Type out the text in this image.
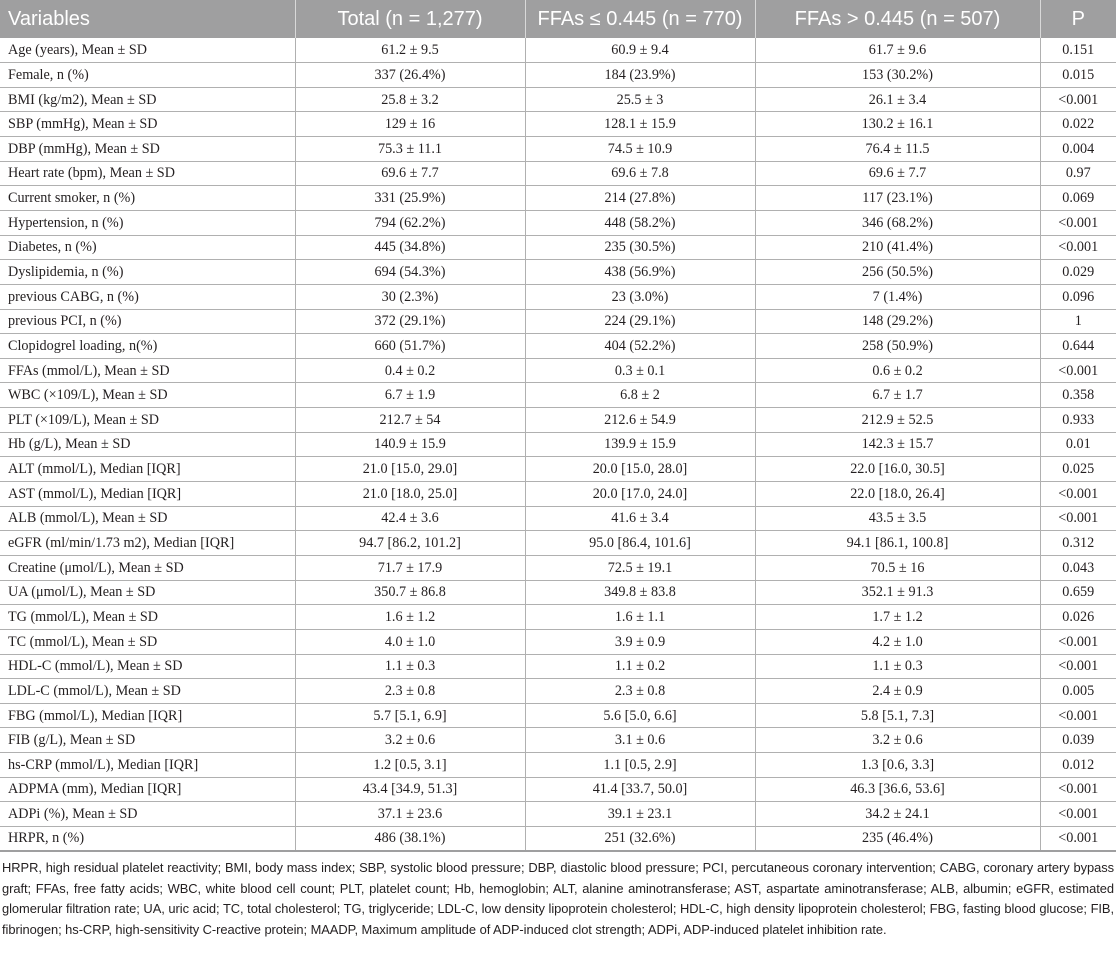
Variables	Total (n = 1,277)	FFAs ≤ 0.445 (n = 770)	FFAs > 0.445 (n = 507)	P
Age (years), Mean ± SD	61.2 ± 9.5	60.9 ± 9.4	61.7 ± 9.6	0.151
Female, n (%)	337 (26.4%)	184 (23.9%)	153 (30.2%)	0.015
BMI (kg/m2), Mean ± SD	25.8 ± 3.2	25.5 ± 3	26.1 ± 3.4	<0.001
SBP (mmHg), Mean ± SD	129 ± 16	128.1 ± 15.9	130.2 ± 16.1	0.022
DBP (mmHg), Mean ± SD	75.3 ± 11.1	74.5 ± 10.9	76.4 ± 11.5	0.004
Heart rate (bpm), Mean ± SD	69.6 ± 7.7	69.6 ± 7.8	69.6 ± 7.7	0.97
Current smoker, n (%)	331 (25.9%)	214 (27.8%)	117 (23.1%)	0.069
Hypertension, n (%)	794 (62.2%)	448 (58.2%)	346 (68.2%)	<0.001
Diabetes, n (%)	445 (34.8%)	235 (30.5%)	210 (41.4%)	<0.001
Dyslipidemia, n (%)	694 (54.3%)	438 (56.9%)	256 (50.5%)	0.029
previous CABG, n (%)	30 (2.3%)	23 (3.0%)	7 (1.4%)	0.096
previous PCI, n (%)	372 (29.1%)	224 (29.1%)	148 (29.2%)	1
Clopidogrel loading, n(%)	660 (51.7%)	404 (52.2%)	258 (50.9%)	0.644
FFAs (mmol/L), Mean ± SD	0.4 ± 0.2	0.3 ± 0.1	0.6 ± 0.2	<0.001
WBC (×109/L), Mean ± SD	6.7 ± 1.9	6.8 ± 2	6.7 ± 1.7	0.358
PLT (×109/L), Mean ± SD	212.7 ± 54	212.6 ± 54.9	212.9 ± 52.5	0.933
Hb (g/L), Mean ± SD	140.9 ± 15.9	139.9 ± 15.9	142.3 ± 15.7	0.01
ALT (mmol/L), Median [IQR]	21.0 [15.0, 29.0]	20.0 [15.0, 28.0]	22.0 [16.0, 30.5]	0.025
AST (mmol/L), Median [IQR]	21.0 [18.0, 25.0]	20.0 [17.0, 24.0]	22.0 [18.0, 26.4]	<0.001
ALB (mmol/L), Mean ± SD	42.4 ± 3.6	41.6 ± 3.4	43.5 ± 3.5	<0.001
eGFR (ml/min/1.73 m2), Median [IQR]	94.7 [86.2, 101.2]	95.0 [86.4, 101.6]	94.1 [86.1, 100.8]	0.312
Creatine (μmol/L), Mean ± SD	71.7 ± 17.9	72.5 ± 19.1	70.5 ± 16	0.043
UA (μmol/L), Mean ± SD	350.7 ± 86.8	349.8 ± 83.8	352.1 ± 91.3	0.659
TG (mmol/L), Mean ± SD	1.6 ± 1.2	1.6 ± 1.1	1.7 ± 1.2	0.026
TC (mmol/L), Mean ± SD	4.0 ± 1.0	3.9 ± 0.9	4.2 ± 1.0	<0.001
HDL-C (mmol/L), Mean ± SD	1.1 ± 0.3	1.1 ± 0.2	1.1 ± 0.3	<0.001
LDL-C (mmol/L), Mean ± SD	2.3 ± 0.8	2.3 ± 0.8	2.4 ± 0.9	0.005
FBG (mmol/L), Median [IQR]	5.7 [5.1, 6.9]	5.6 [5.0, 6.6]	5.8 [5.1, 7.3]	<0.001
FIB (g/L), Mean ± SD	3.2 ± 0.6	3.1 ± 0.6	3.2 ± 0.6	0.039
hs-CRP (mmol/L), Median [IQR]	1.2 [0.5, 3.1]	1.1 [0.5, 2.9]	1.3 [0.6, 3.3]	0.012
ADPMA (mm), Median [IQR]	43.4 [34.9, 51.3]	41.4 [33.7, 50.0]	46.3 [36.6, 53.6]	<0.001
ADPi (%), Mean ± SD	37.1 ± 23.6	39.1 ± 23.1	34.2 ± 24.1	<0.001
HRPR, n (%)	486 (38.1%)	251 (32.6%)	235 (46.4%)	<0.001
HRPR, high residual platelet reactivity; BMI, body mass index; SBP, systolic blood pressure; DBP, diastolic blood pressure; PCI, percutaneous coronary intervention; CABG, coronary artery bypass graft; FFAs, free fatty acids; WBC, white blood cell count; PLT, platelet count; Hb, hemoglobin; ALT, alanine aminotransferase; AST, aspartate aminotransferase; ALB, albumin; eGFR, estimated glomerular filtration rate; UA, uric acid; TC, total cholesterol; TG, triglyceride; LDL-C, low density lipoprotein cholesterol; HDL-C, high density lipoprotein cholesterol; FBG, fasting blood glucose; FIB, fibrinogen; hs-CRP, high-sensitivity C-reactive protein; MAADP, Maximum amplitude of ADP-induced clot strength; ADPi, ADP-induced platelet inhibition rate.
